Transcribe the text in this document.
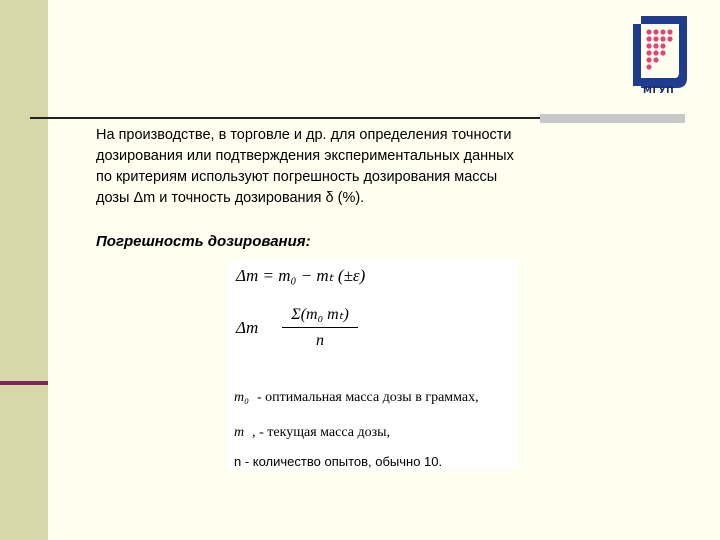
МГУП
На производстве, в торговле и др. для определения точности
дозирования или подтверждения экспериментальных данных
по критериям используют погрешность дозирования массы
дозы Δm и точность дозирования δ (%).
Погрешность дозирования:
Δm = m₀ − mₜ (±ε)
Δm
Σ(m₀ mₜ)
n
m₀ - оптимальная масса дозы в граммах,
m , - текущая масса дозы,
n - количество опытов, обычно 10.
